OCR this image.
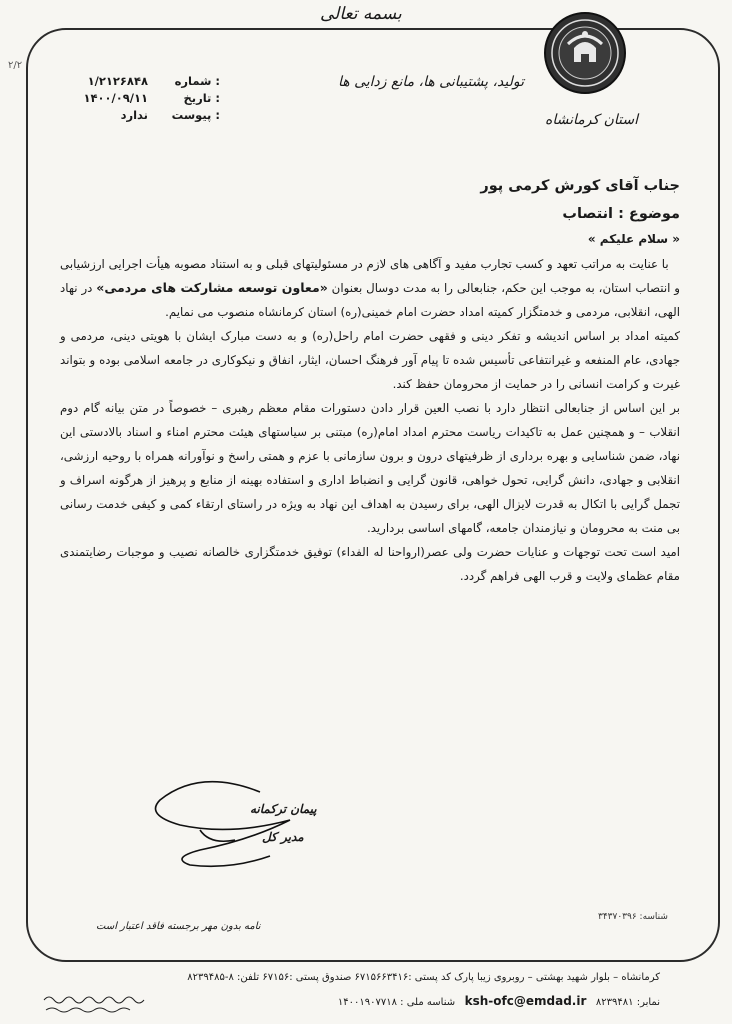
۲/۲
بسمه تعالی
تولید، پشتیبانی ها، مانع زدایی ها
استان کرمانشاه
شماره :
۱/۲۱۲۶۸۴۸
تاریخ :
۱۴۰۰/۰۹/۱۱
پیوست :
ندارد
جناب آقای کورش کرمی پور
موضوع : انتصاب
« سلام علیکم »

با عنایت به مراتب تعهد و کسب تجارب مفید و آگاهی های لازم در مسئولیتهای قبلی و به استناد مصوبه هیأت اجرایی ارزشیابی و انتصاب استان، به موجب این حکم، جنابعالی را به مدت دوسال بعنوان «معاون توسعه مشارکت های مردمی» در نهاد الهی، انقلابی، مردمی و خدمتگزار کمیته امداد حضرت امام خمینی(ره) استان کرمانشاه منصوب می نمایم.

کمیته امداد بر اساس اندیشه و تفکر دینی و فقهی حضرت امام راحل(ره) و به دست مبارک ایشان با هویتی دینی، مردمی و جهادی، عام المنفعه و غیرانتفاعی تأسیس شده تا پیام آور فرهنگ احسان، ایثار، انفاق و نیکوکاری در جامعه اسلامی بوده و بتواند غیرت و کرامت انسانی را در حمایت از محرومان حفظ کند.

بر این اساس از جنابعالی انتظار دارد با نصب العین قرار دادن دستورات مقام معظم رهبری – خصوصاً در متن بیانه گام دوم انقلاب – و همچنین عمل به تاکیدات ریاست محترم امداد امام(ره) مبتنی بر سیاستهای هیئت محترم امناء و اسناد بالادستی این نهاد، ضمن شناسایی و بهره برداری از ظرفیتهای درون و برون سازمانی با عزم و همتی راسخ و نوآورانه همراه با روحیه ارزشی، انقلابی و جهادی، دانش گرایی، تحول خواهی، قانون گرایی و انضباط اداری و استفاده بهینه از منابع و پرهیز از هرگونه اسراف و تجمل گرایی با اتکال به قدرت لایزال الهی، برای رسیدن به اهداف این نهاد به ویژه در راستای ارتقاء کمی و کیفی خدمت رسانی بی منت به محرومان و نیازمندان جامعه، گامهای اساسی بردارید.

امید است تحت توجهات و عنایات حضرت ولی عصر(ارواحنا له الفداء) توفیق خدمتگزاری خالصانه نصیب و موجبات رضایتمندی مقام عظمای ولایت و قرب الهی فراهم گردد.

پیمان ترکمانه
مدیر کل
نامه بدون مهر برجسته فاقد اعتبار است
شناسه: ۳۴۳۷۰۳۹۶
کرمانشاه – بلوار شهید بهشتی – روبروی زیبا پارک کد پستی :۶۷۱۵۶۶۳۴۱۶ صندوق پستی :۶۷۱۵۶ تلفن: ۸-۸۲۳۹۴۸۵
نمابر: ۸۲۳۹۴۸۱   ksh-ofc@emdad.ir   شناسه ملی : ۱۴۰۰۱۹۰۷۷۱۸
